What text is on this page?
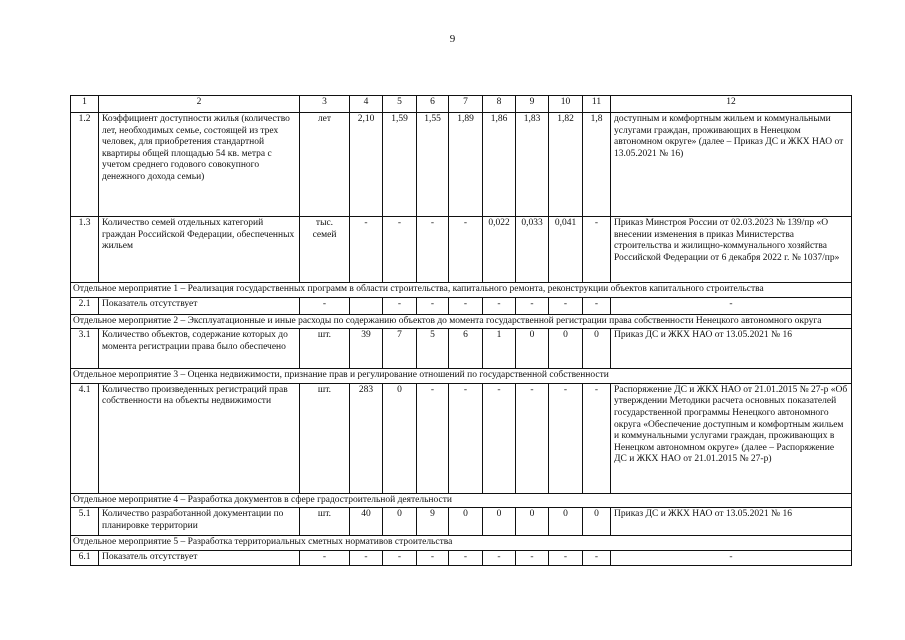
9
1	2	3	4	5	6	7	8	9	10	11	12
1.2	Коэффициент доступности жилья (количество лет, необходимых семье, состоящей из трех человек, для приобретения стандартной квартиры общей площадью 54 кв. метра с учетом среднего годового совокупного денежного дохода семьи)	лет	2,10	1,59	1,55	1,89	1,86	1,83	1,82	1,8	доступным и комфортным жильем и коммунальными услугами граждан, проживающих в Ненецком автономном округе» (далее – Приказ ДС и ЖКХ НАО от 13.05.2021 № 16)
1.3	Количество семей отдельных категорий граждан Российской Федерации, обеспеченных жильем	тыс. семей	-	-	-	-	0,022	0,033	0,041	-	Приказ Минстроя России от 02.03.2023 № 139/пр «О внесении изменения в приказ Министерства строительства и жилищно-коммунального хозяйства Российской Федерации от 6 декабря 2022 г. № 1037/пр»
Отдельное мероприятие 1 – Реализация государственных программ в области строительства, капитального ремонта, реконструкции объектов капитального строительства											
2.1	Показатель отсутствует	-		-	-	-	-	-	-	-	-
Отдельное мероприятие 2 – Эксплуатационные и иные расходы по содержанию объектов до момента государственной регистрации права собственности Ненецкого автономного округа											
3.1	Количество объектов, содержание которых до момента регистрации права было обеспечено	шт.	39	7	5	6	1	0	0	0	Приказ ДС и ЖКХ НАО от 13.05.2021 № 16
Отдельное мероприятие 3 – Оценка недвижимости, признание прав и регулирование отношений по государственной собственности											
4.1	Количество произведенных регистраций прав собственности на объекты недвижимости	шт.	283	0	-	-	-	-	-	-	Распоряжение ДС и ЖКХ НАО от 21.01.2015 № 27-р «Об утверждении Методики расчета основных показателей государственной программы Ненецкого автономного округа «Обеспечение доступным и комфортным жильем и коммунальными услугами граждан, проживающих в Ненецком автономном округе» (далее – Распоряжение ДС и ЖКХ НАО от 21.01.2015 № 27-р)
Отдельное мероприятие 4 – Разработка документов в сфере градостроительной деятельности											
5.1	Количество разработанной документации по планировке территории	шт.	40	0	9	0	0	0	0	0	Приказ ДС и ЖКХ НАО от 13.05.2021 № 16
Отдельное мероприятие 5 – Разработка территориальных сметных нормативов строительства											
6.1	Показатель отсутствует	-	-	-	-	-	-	-	-	-	-
